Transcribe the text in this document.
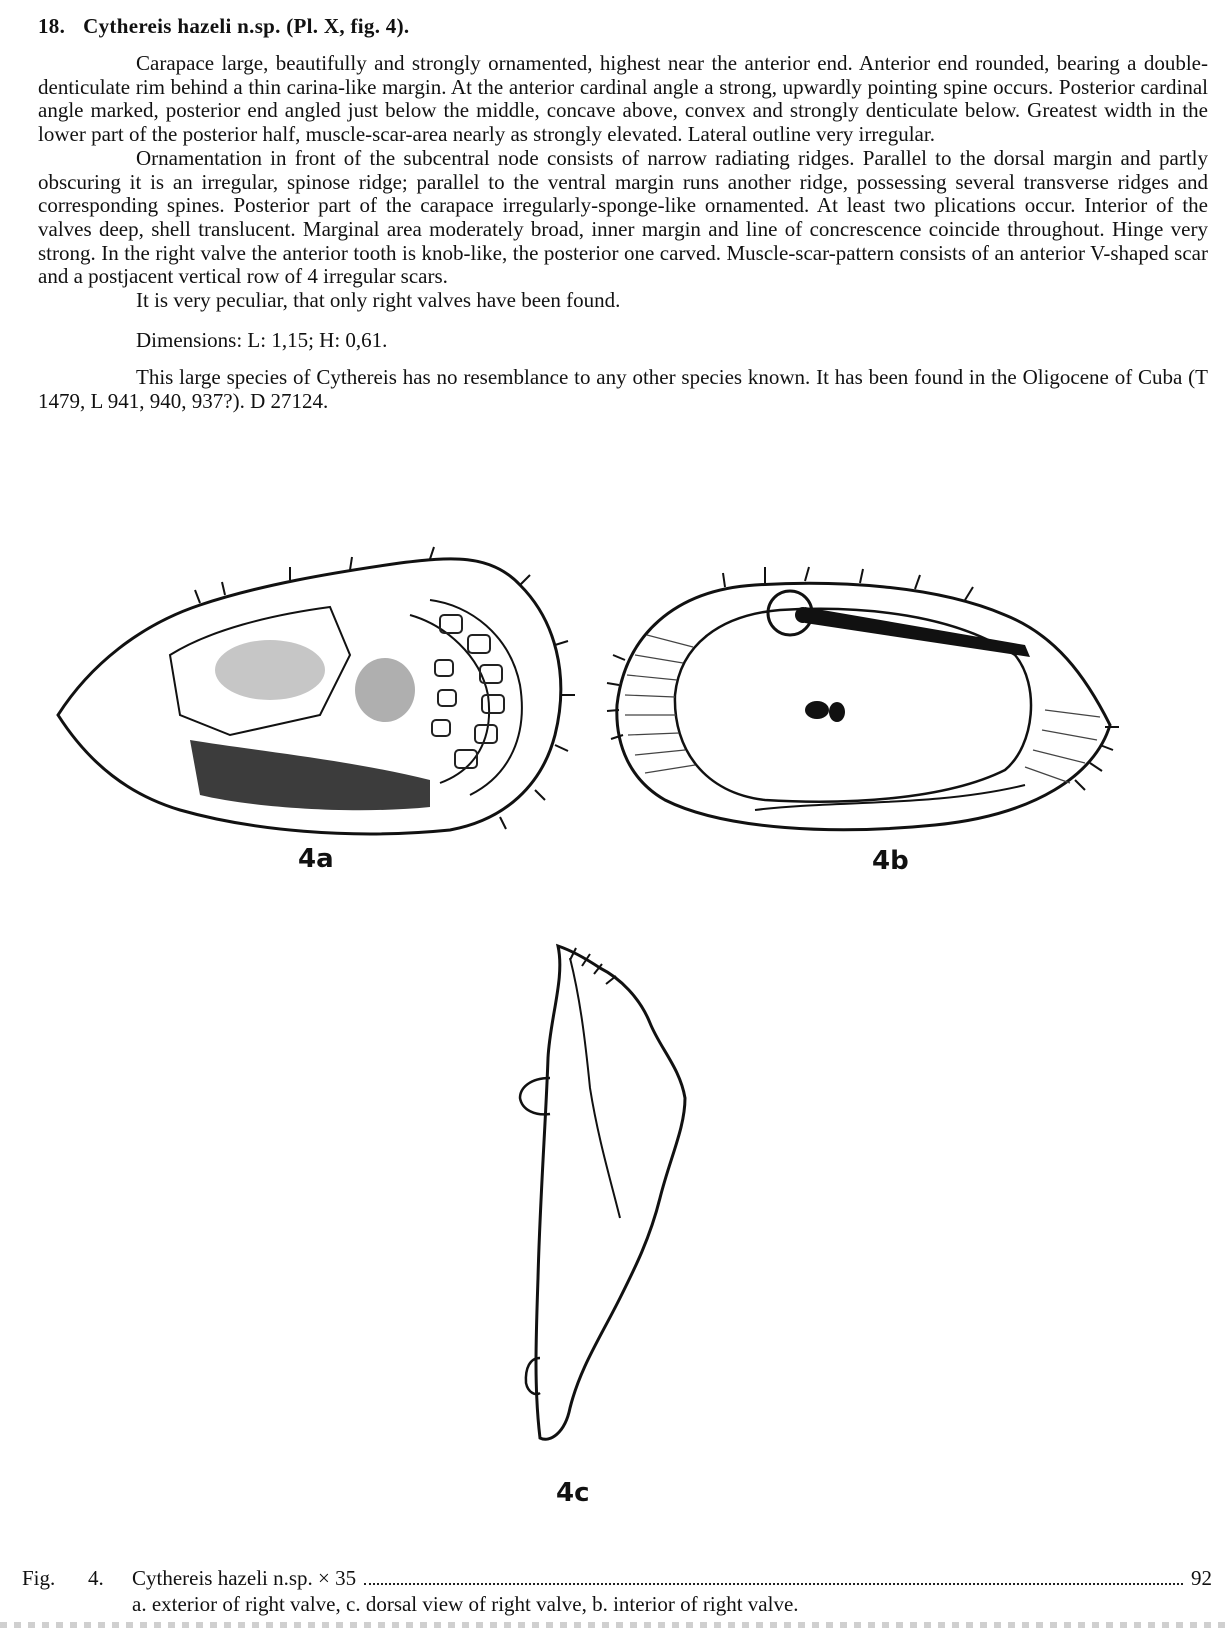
18. Cythereis hazeli n.sp. (Pl. X, fig. 4).

Carapace large, beautifully and strongly ornamented, highest near the anterior end. Anterior end rounded, bearing a double-denticulate rim behind a thin carina-like margin. At the anterior cardinal angle a strong, upwardly pointing spine occurs. Posterior cardinal angle marked, posterior end angled just below the middle, concave above, convex and strongly denticulate below. Greatest width in the lower part of the posterior half, muscle-scar-area nearly as strongly elevated. Lateral outline very irregular.

Ornamentation in front of the subcentral node consists of narrow radiating ridges. Parallel to the dorsal margin and partly obscuring it is an irregular, spinose ridge; parallel to the ventral margin runs another ridge, possessing several transverse ridges and corresponding spines. Posterior part of the carapace irregularly-sponge-like ornamented. At least two plications occur. Interior of the valves deep, shell translucent. Marginal area moderately broad, inner margin and line of concrescence coincide throughout. Hinge very strong. In the right valve the anterior tooth is knob-like, the posterior one carved. Muscle-scar-pattern consists of an anterior V-shaped scar and a postjacent vertical row of 4 irregular scars.

It is very peculiar, that only right valves have been found.

Dimensions: L: 1,15; H: 0,61.

This large species of Cythereis has no resemblance to any other species known. It has been found in the Oligocene of Cuba (T 1479, L 941, 940, 937?). D 27124.

4a	4b
4c
Fig.	4.	Cythereis hazeli n.sp. × 35	92
a. exterior of right valve, c. dorsal view of right valve, b. interior of right valve.
